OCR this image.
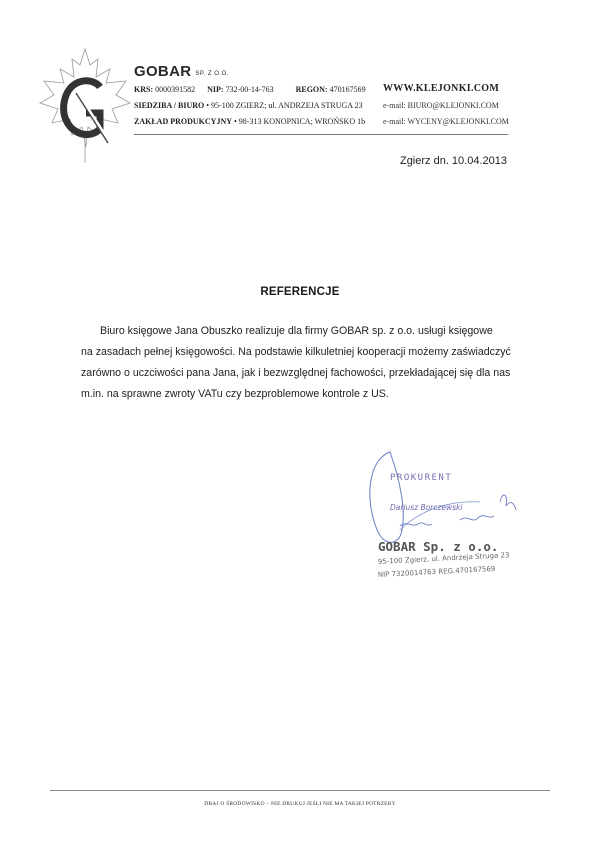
GOBAR SP. Z O.O.
KRS: 0000391582 NIP: 732-00-14-763	REGON: 470167569
SIEDZIBA / BIURO • 95-100 ZGIERZ; ul. ANDRZEJA STRUGA 23
ZAKŁAD PRODUKCYJNY • 98-313 KONOPNICA; WROŃSKO 1b
WWW.KLEJONKI.COM
e-mail: BIURO@KLEJONKI.COM
e-mail: WYCENY@KLEJONKI.COM
Zgierz dn. 10.04.2013
REFERENCJE

Biuro księgowe Jana Obuszko realizuje dla firmy GOBAR sp. z o.o. usługi księgowe

na zasadach pełnej księgowości. Na podstawie kilkuletniej kooperacji możemy zaświadczyć

zarówno o uczciwości pana Jana, jak i bezwzględnej fachowości, przekładającej się dla nas

m.in. na sprawne zwroty VATu czy bezproblemowe kontrole z US.

PROKURENT
Dariusz Borczewski
GOBAR Sp. z o.o.
95-100 Zgierz, ul. Andrzeja Struga 23
NIP 7320014763 REG.470167569
DBAJ O ŚRODOWISKO – NIE DRUKUJ JEŚLI NIE MA TAKIEJ POTRZEBY
